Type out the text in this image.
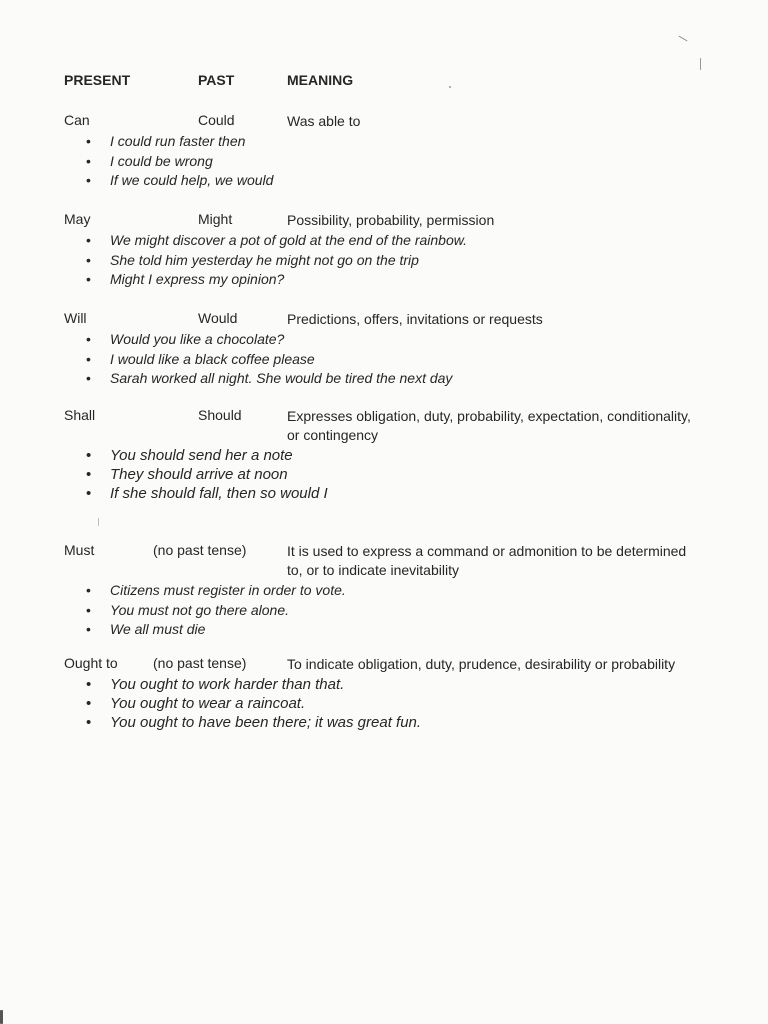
PRESENT	PAST	MEANING
Can	Could	Was able to
• I could run faster then
• I could be wrong
• If we could help, we would
May	Might	Possibility, probability, permission
• We might discover a pot of gold at the end of the rainbow.
• She told him yesterday he might not go on the trip
• Might I express my opinion?
Will	Would	Predictions, offers, invitations or requests
• Would you like a chocolate?
• I would like a black coffee please
• Sarah worked all night. She would be tired the next day
Shall	Should	Expresses obligation, duty, probability, expectation, conditionality, or contingency
• You should send her a note
• They should arrive at noon
• If she should fall, then so would I
Must	(no past tense)	It is used to express a command or admonition to be determined to, or to indicate inevitability
• Citizens must register in order to vote.
• You must not go there alone.
• We all must die
Ought to	(no past tense)	To indicate obligation, duty, prudence, desirability or probability
• You ought to work harder than that.
• You ought to wear a raincoat.
• You ought to have been there; it was great fun.
